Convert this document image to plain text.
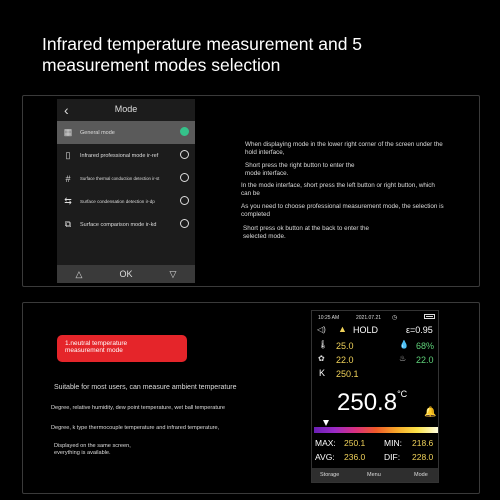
Infrared temperature measurement and 5
measurement modes selection
‹	Mode
▦	General mode
▯	Infrared professional mode ir-ref
#	Surface thermal conduction detection ir-st
⇆	Surface condensation detection ir-dp
⧉	Surface comparison mode ir-kd
△	OK	▽
When displaying mode in the lower right corner of the screen under the
hold interface,
Short press the right button to enter the
mode interface.
In the mode interface, short press the left button or right button, which
can be
As you need to choose professional measurement mode, the selection is
completed
Short press ok button at the back to enter the
selected mode.
1.neutral temperature
measurement mode
Suitable for most users, can measure ambient temperature
Degree, relative humidity, dew point temperature, wet ball temperature
Degree, k type thermocouple temperature and infrared temperature,
Displayed on the same screen,
everything is available.
10:25 AM	2021.07.21 ◷
◁) ▲ HOLD	ε=0.95
🌡 25.0	💧 68%
✿ 22.0	♨ 22.0
K 250.1
$250.8^{^\circ C}$
🔔
MAX: 250.1 MIN: 218.6
AVG: 236.0 DIF: 228.0
Storage	Menu	Mode
